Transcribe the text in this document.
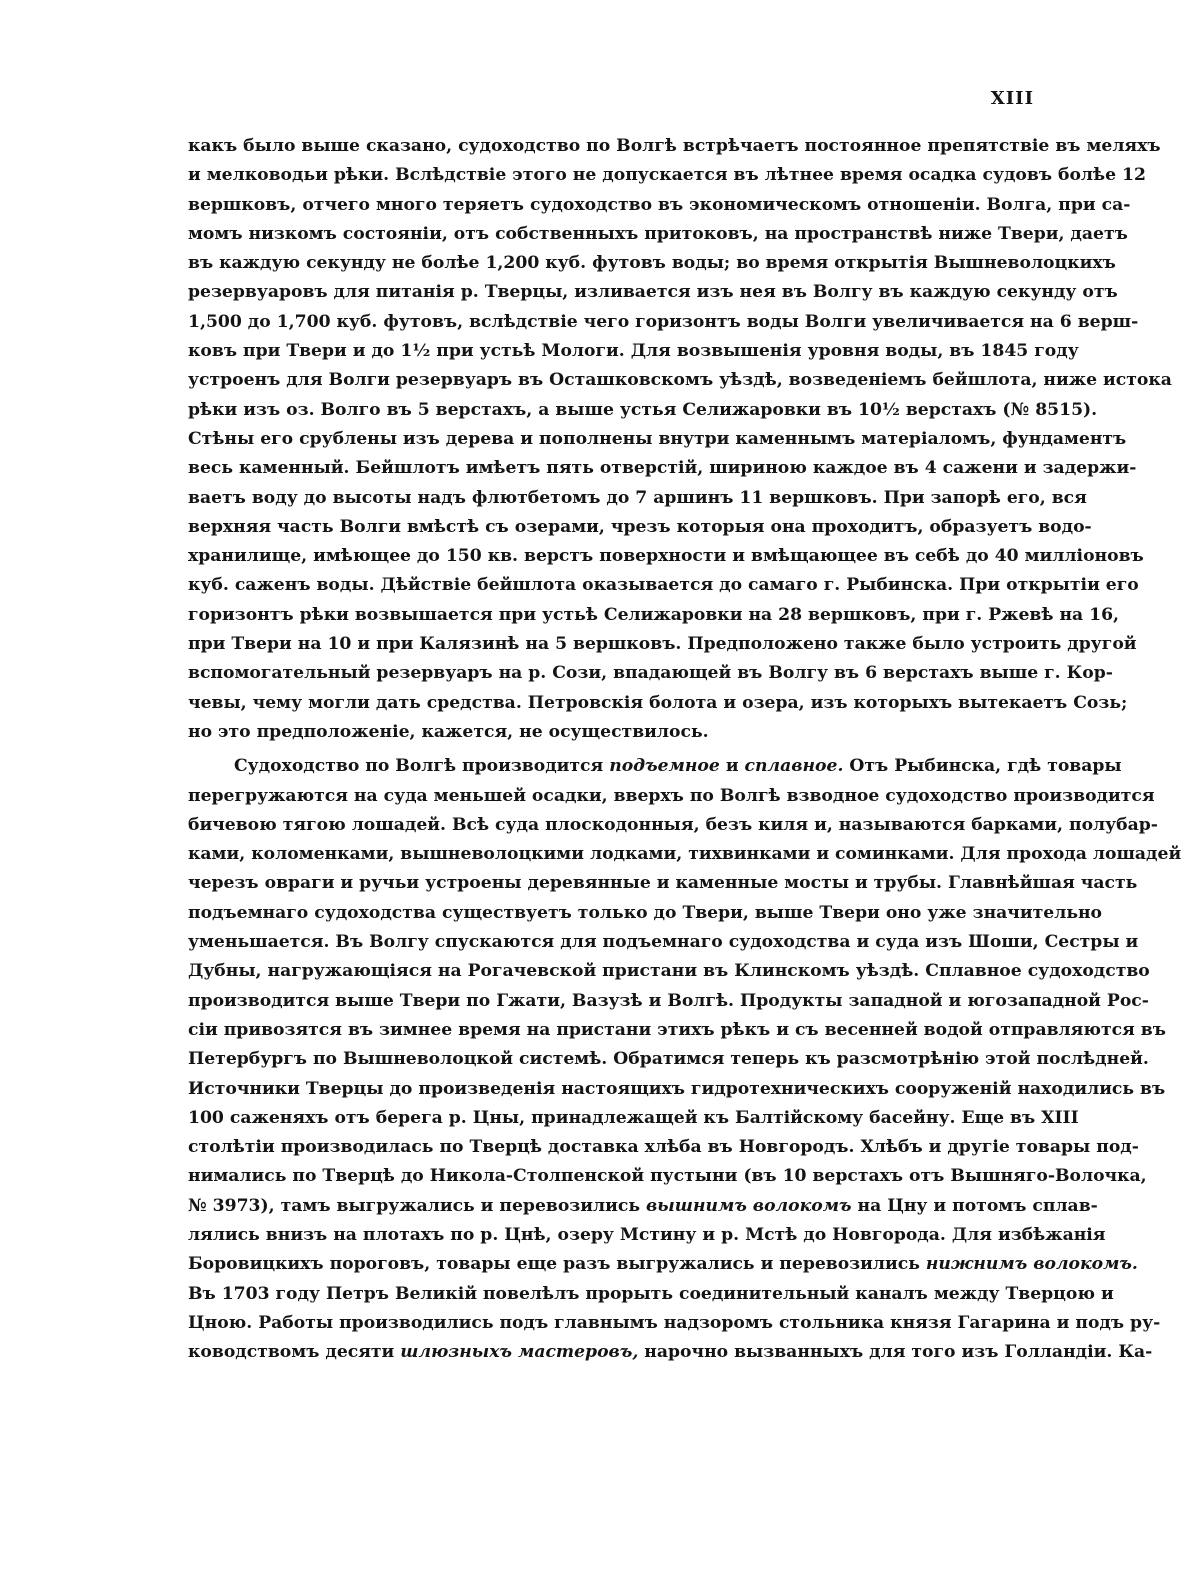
XIII
какъ было выше сказано, судоходство по Волгѣ встрѣчаетъ постоянное препятствіе въ меляхъ
и мелководьи рѣки. Вслѣдствіе этого не допускается въ лѣтнее время осадка судовъ болѣе 12
вершковъ, отчего много теряетъ судоходство въ экономическомъ отношеніи. Волга, при са-
момъ низкомъ состояніи, отъ собственныхъ притоковъ, на пространствѣ ниже Твери, даетъ
въ каждую секунду не болѣе 1,200 куб. футовъ воды; во время открытія Вышневолоцкихъ
резервуаровъ для питанія р. Тверцы, изливается изъ нея въ Волгу въ каждую секунду отъ
1,500 до 1,700 куб. футовъ, вслѣдствіе чего горизонтъ воды Волги увеличивается на 6 верш-
ковъ при Твери и до 1½ при устьѣ Мологи. Для возвышенія уровня воды, въ 1845 году
устроенъ для Волги резервуаръ въ Осташковскомъ уѣздѣ, возведеніемъ бейшлота, ниже истока
рѣки изъ оз. Волго въ 5 верстахъ, а выше устья Селижаровки въ 10½ верстахъ (№ 8515).
Стѣны его срублены изъ дерева и пополнены внутри каменнымъ матеріаломъ, фундаментъ
весь каменный. Бейшлотъ имѣетъ пять отверстій, шириною каждое въ 4 сажени и задержи-
ваетъ воду до высоты надъ флютбетомъ до 7 аршинъ 11 вершковъ. При запорѣ его, вся
верхняя часть Волги вмѣстѣ съ озерами, чрезъ которыя она проходитъ, образуетъ водо-
хранилище, имѣющее до 150 кв. верстъ поверхности и вмѣщающее въ себѣ до 40 милліоновъ
куб. саженъ воды. Дѣйствіе бейшлота оказывается до самаго г. Рыбинска. При открытіи его
горизонтъ рѣки возвышается при устьѣ Селижаровки на 28 вершковъ, при г. Ржевѣ на 16,
при Твери на 10 и при Калязинѣ на 5 вершковъ. Предположено также было устроить другой
вспомогательный резервуаръ на р. Сози, впадающей въ Волгу въ 6 верстахъ выше г. Кор-
чевы, чему могли дать средства. Петровскія болота и озера, изъ которыхъ вытекаетъ Созь;
но это предположеніе, кажется, не осуществилось.
Судоходство по Волгѣ производится подъемное и сплавное. Отъ Рыбинска, гдѣ товары
перегружаются на суда меньшей осадки, вверхъ по Волгѣ взводное судоходство производится
бичевою тягою лошадей. Всѣ суда плоскодонныя, безъ киля и, называются барками, полубар-
ками, коломенками, вышневолоцкими лодками, тихвинками и соминками. Для прохода лошадей
черезъ овраги и ручьи устроены деревянные и каменные мосты и трубы. Главнѣйшая часть
подъемнаго судоходства существуетъ только до Твери, выше Твери оно уже значительно
уменьшается. Въ Волгу спускаются для подъемнаго судоходства и суда изъ Шоши, Сестры и
Дубны, нагружающіяся на Рогачевской пристани въ Клинскомъ уѣздѣ. Сплавное судоходство
производится выше Твери по Гжати, Вазузѣ и Волгѣ. Продукты западной и югозападной Рос-
сіи привозятся въ зимнее время на пристани этихъ рѣкъ и съ весенней водой отправляются въ
Петербургъ по Вышневолоцкой системѣ. Обратимся теперь къ разсмотрѣнію этой послѣдней.
Источники Тверцы до произведенія настоящихъ гидротехническихъ сооруженій находились въ
100 саженяхъ отъ берега р. Цны, принадлежащей къ Балтійскому басейну. Еще въ XIII
столѣтіи производилась по Тверцѣ доставка хлѣба въ Новгородъ. Хлѣбъ и другіе товары под-
нимались по Тверцѣ до Никола-Столпенской пустыни (въ 10 верстахъ отъ Вышняго-Волочка,
№ 3973), тамъ выгружались и перевозились вышнимъ волокомъ на Цну и потомъ сплав-
лялись внизъ на плотахъ по р. Цнѣ, озеру Мстину и р. Мстѣ до Новгорода. Для избѣжанія
Боровицкихъ пороговъ, товары еще разъ выгружались и перевозились нижнимъ волокомъ.
Въ 1703 году Петръ Великій повелѣлъ прорыть соединительный каналъ между Тверцою и
Цною. Работы производились подъ главнымъ надзоромъ стольника князя Гагарина и подъ ру-
ководствомъ десяти шлюзныхъ мастеровъ, нарочно вызванныхъ для того изъ Голландіи. Ка-
